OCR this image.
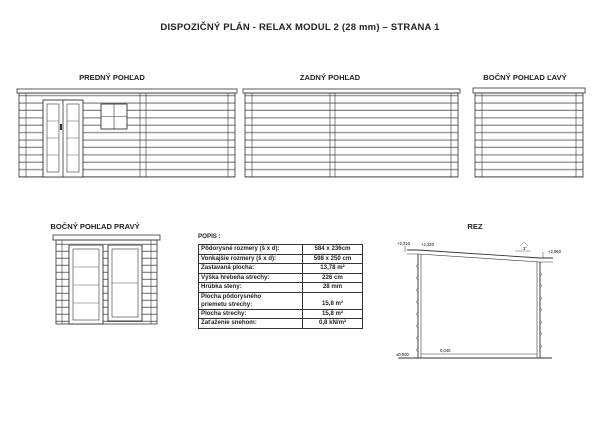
DISPOZIČNÝ PLÁN - RELAX MODUL 2 (28 mm) – STRANA 1
PREDNÝ POHĽAD	ZADNÝ POHĽAD	BOČNÝ POHĽAD ĽAVÝ
BOČNÝ POHĽAD PRAVÝ	REZ
+2,310	+2,220
+2,060
3°
0,040
±0,000
POPIS :
Pôdorysné rozmery (š x d):	584 x 236cm
Vonkajšie rozmery (š x d):	598 x 250 cm
Zastavaná plocha:	13,78 m²
Výška hrebeňa strechy:	226 cm
Hrúbka steny:	28 mm
Plocha pôdorysného
priemetu strechy:	15,8 m²
Plocha strechy:	15,8 m²
Zaťaženie snehom:	0,8 kN/m²
